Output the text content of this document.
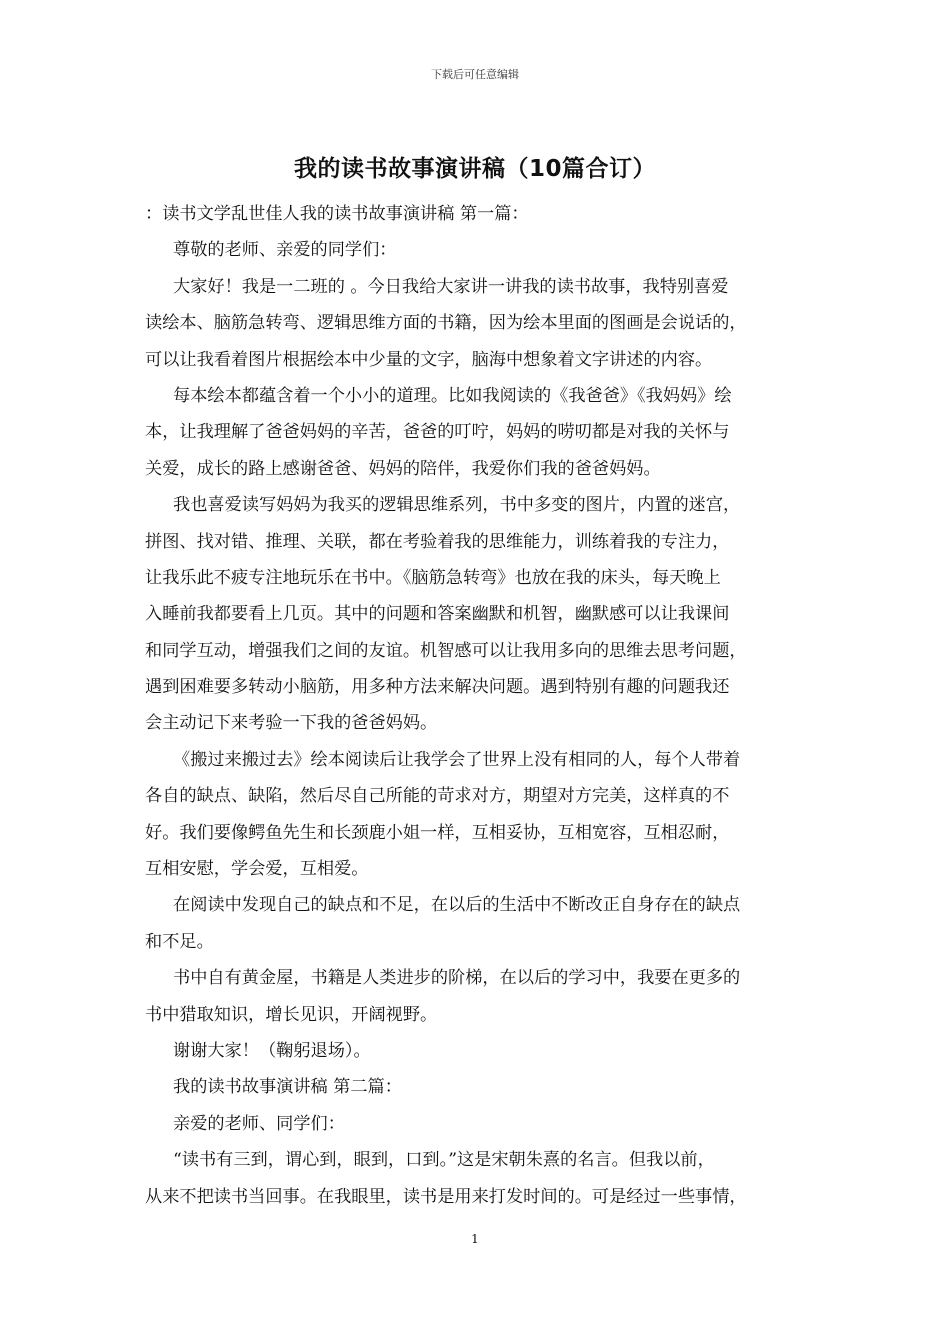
下载后可任意编辑
我的读书故事演讲稿（10篇合订）
：读书文学乱世佳人我的读书故事演讲稿 第一篇：
尊敬的老师、亲爱的同学们：
大家好！我是一二班的 。今日我给大家讲一讲我的读书故事，我特别喜爱
读绘本、脑筋急转弯、逻辑思维方面的书籍，因为绘本里面的图画是会说话的，
可以让我看着图片根据绘本中少量的文字，脑海中想象着文字讲述的内容。
每本绘本都蕴含着一个小小的道理。比如我阅读的《我爸爸》《我妈妈》绘
本，让我理解了爸爸妈妈的辛苦，爸爸的叮咛，妈妈的唠叨都是对我的关怀与
关爱，成长的路上感谢爸爸、妈妈的陪伴，我爱你们我的爸爸妈妈。
我也喜爱读写妈妈为我买的逻辑思维系列，书中多变的图片，内置的迷宫，
拼图、找对错、推理、关联，都在考验着我的思维能力，训练着我的专注力，
让我乐此不疲专注地玩乐在书中。《脑筋急转弯》也放在我的床头，每天晚上
入睡前我都要看上几页。其中的问题和答案幽默和机智，幽默感可以让我课间
和同学互动，增强我们之间的友谊。机智感可以让我用多向的思维去思考问题，
遇到困难要多转动小脑筋，用多种方法来解决问题。遇到特别有趣的问题我还
会主动记下来考验一下我的爸爸妈妈。
《搬过来搬过去》绘本阅读后让我学会了世界上没有相同的人，每个人带着
各自的缺点、缺陷，然后尽自己所能的苛求对方，期望对方完美，这样真的不
好。我们要像鳄鱼先生和长颈鹿小姐一样，互相妥协，互相宽容，互相忍耐，
互相安慰，学会爱，互相爱。
在阅读中发现自己的缺点和不足，在以后的生活中不断改正自身存在的缺点
和不足。
书中自有黄金屋，书籍是人类进步的阶梯，在以后的学习中，我要在更多的
书中猎取知识，增长见识，开阔视野。
谢谢大家！（鞠躬退场）。
我的读书故事演讲稿 第二篇：
亲爱的老师、同学们：
“读书有三到，谓心到，眼到，口到。”这是宋朝朱熹的名言。但我以前，
从来不把读书当回事。在我眼里，读书是用来打发时间的。可是经过一些事情，
1
